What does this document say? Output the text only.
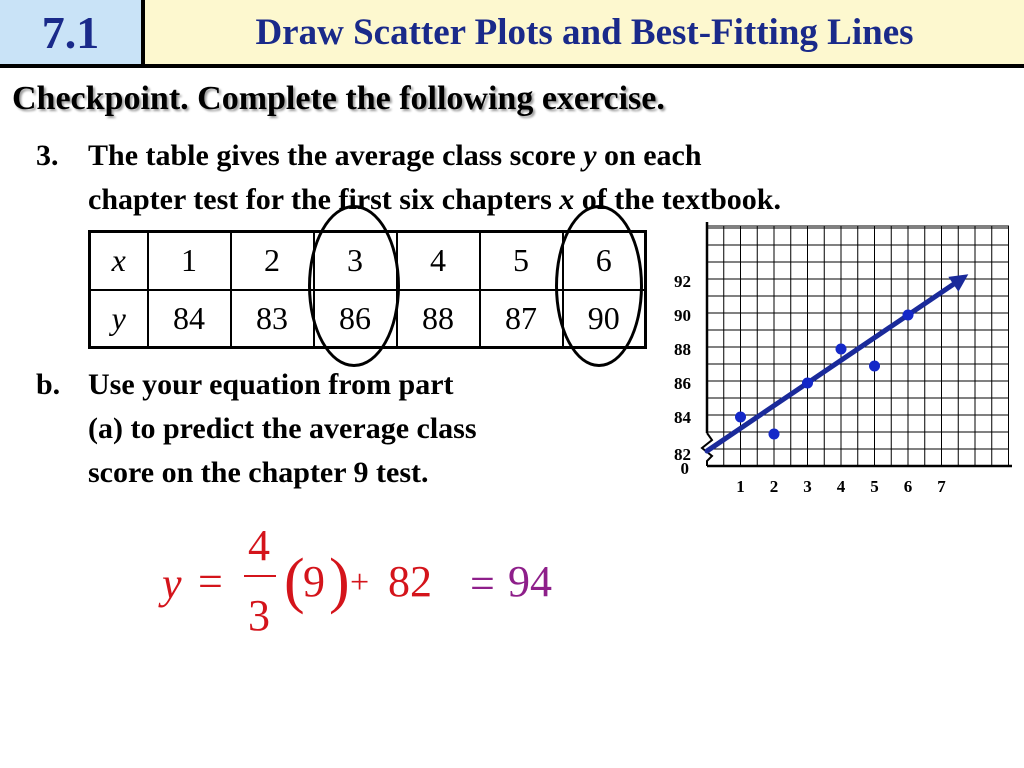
7.1	Draw Scatter Plots and Best-Fitting Lines
Checkpoint. Complete the following exercise.
3. The table gives the average class score y on each
chapter test for the first six chapters x of the textbook.
x	1	2	3	4	5	6
y	84	83	86	88	87	90
b. Use your equation from part
(a) to predict the average class
score on the chapter 9 test.	1 2 3 4 5 6 7
82
84
86
88
90
92
0
y =
4
3
(
9 ) + 82 = 94
